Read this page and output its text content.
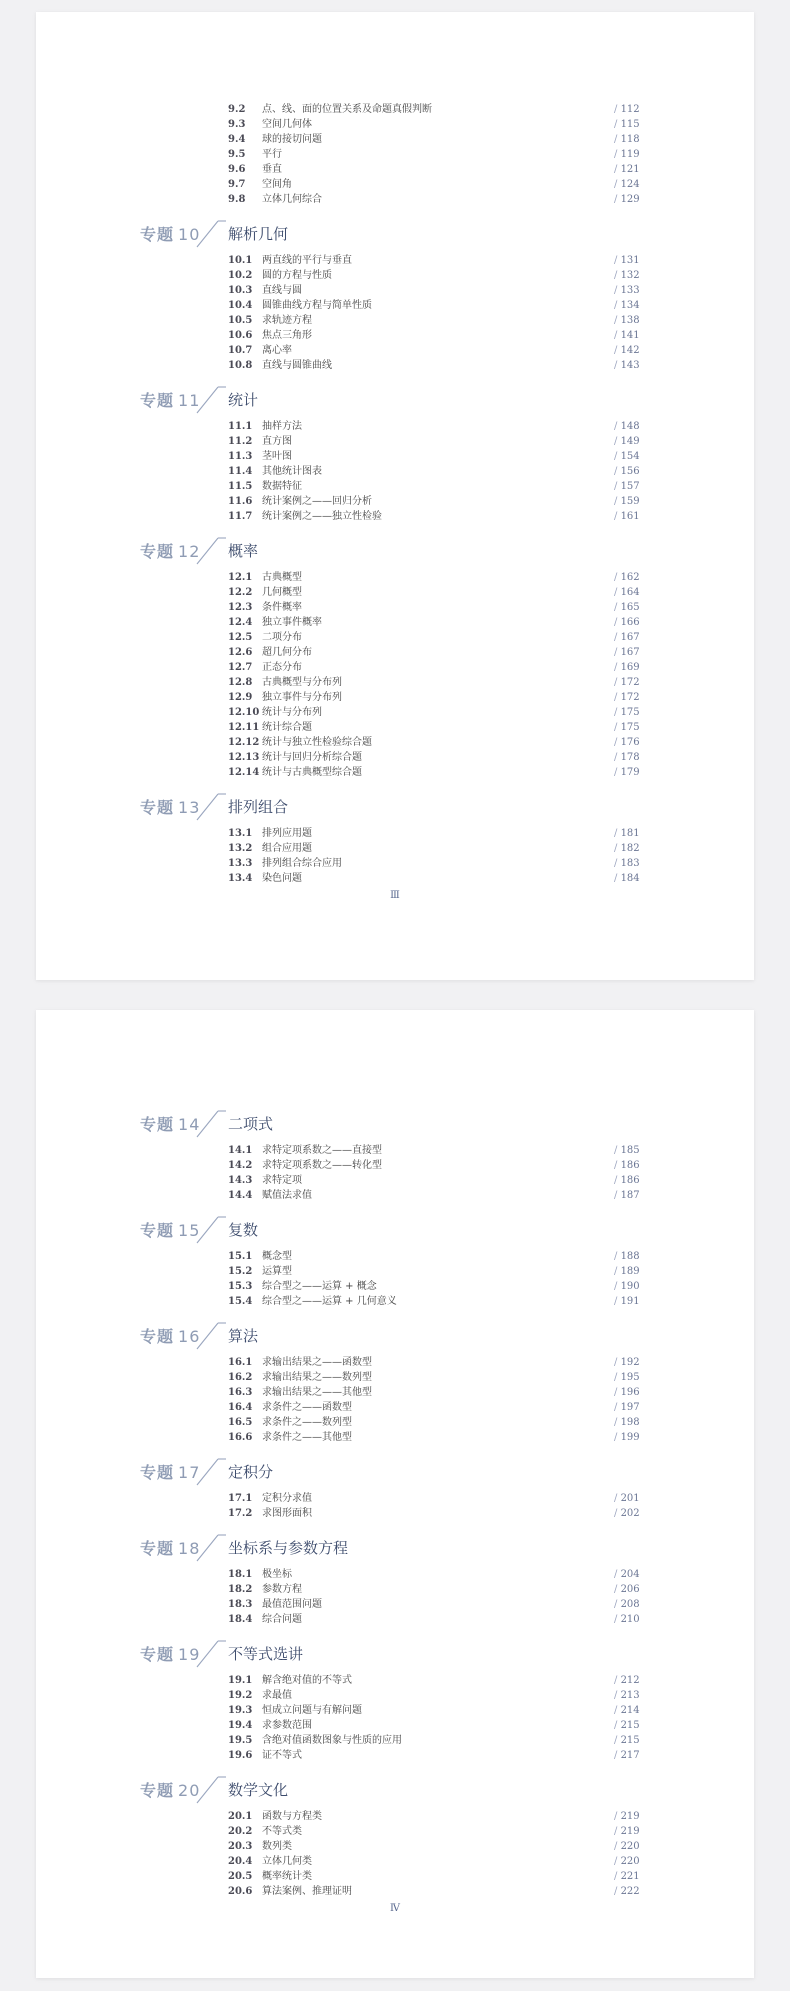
9.2	点、线、面的位置关系及命题真假判断	/ 112
9.3	空间几何体	/ 115
9.4	球的接切问题	/ 118
9.5	平行	/ 119
9.6	垂直	/ 121
9.7	空间角	/ 124
9.8	立体几何综合	/ 129
专题 10 解析几何
10.1 两直线的平行与垂直	/ 131
10.2 圆的方程与性质	/ 132
10.3 直线与圆	/ 133
10.4 圆锥曲线方程与简单性质	/ 134
10.5 求轨迹方程	/ 138
10.6 焦点三角形	/ 141
10.7 离心率	/ 142
10.8 直线与圆锥曲线	/ 143
专题 11 统计
11.1 抽样方法	/ 148
11.2 直方图	/ 149
11.3 茎叶图	/ 154
11.4 其他统计图表	/ 156
11.5 数据特征	/ 157
11.6 统计案例之——回归分析	/ 159
11.7 统计案例之——独立性检验	/ 161
专题 12 概率
12.1 古典概型	/ 162
12.2 几何概型	/ 164
12.3 条件概率	/ 165
12.4 独立事件概率	/ 166
12.5 二项分布	/ 167
12.6 超几何分布	/ 167
12.7 正态分布	/ 169
12.8 古典概型与分布列	/ 172
12.9 独立事件与分布列	/ 172
12.10 统计与分布列	/ 175
12.11 统计综合题	/ 175
12.12 统计与独立性检验综合题	/ 176
12.13 统计与回归分析综合题	/ 178
12.14 统计与古典概型综合题	/ 179
专题 13 排列组合
13.1 排列应用题	/ 181
13.2 组合应用题	/ 182
13.3 排列组合综合应用	/ 183
13.4 染色问题	/ 184
Ⅲ
专题 14 二项式
14.1 求特定项系数之——直接型	/ 185
14.2 求特定项系数之——转化型	/ 186
14.3 求特定项	/ 186
14.4 赋值法求值	/ 187
专题 15 复数
15.1 概念型	/ 188
15.2 运算型	/ 189
15.3 综合型之——运算 + 概念	/ 190
15.4 综合型之——运算 + 几何意义	/ 191
专题 16 算法
16.1 求输出结果之——函数型	/ 192
16.2 求输出结果之——数列型	/ 195
16.3 求输出结果之——其他型	/ 196
16.4 求条件之——函数型	/ 197
16.5 求条件之——数列型	/ 198
16.6 求条件之——其他型	/ 199
专题 17 定积分
17.1 定积分求值	/ 201
17.2 求图形面积	/ 202
专题 18 坐标系与参数方程
18.1 极坐标	/ 204
18.2 参数方程	/ 206
18.3 最值范围问题	/ 208
18.4 综合问题	/ 210
专题 19 不等式选讲
19.1 解含绝对值的不等式	/ 212
19.2 求最值	/ 213
19.3 恒成立问题与有解问题	/ 214
19.4 求参数范围	/ 215
19.5 含绝对值函数图象与性质的应用	/ 215
19.6 证不等式	/ 217
专题 20 数学文化
20.1 函数与方程类	/ 219
20.2 不等式类	/ 219
20.3 数列类	/ 220
20.4 立体几何类	/ 220
20.5 概率统计类	/ 221
20.6 算法案例、推理证明	/ 222
Ⅳ
